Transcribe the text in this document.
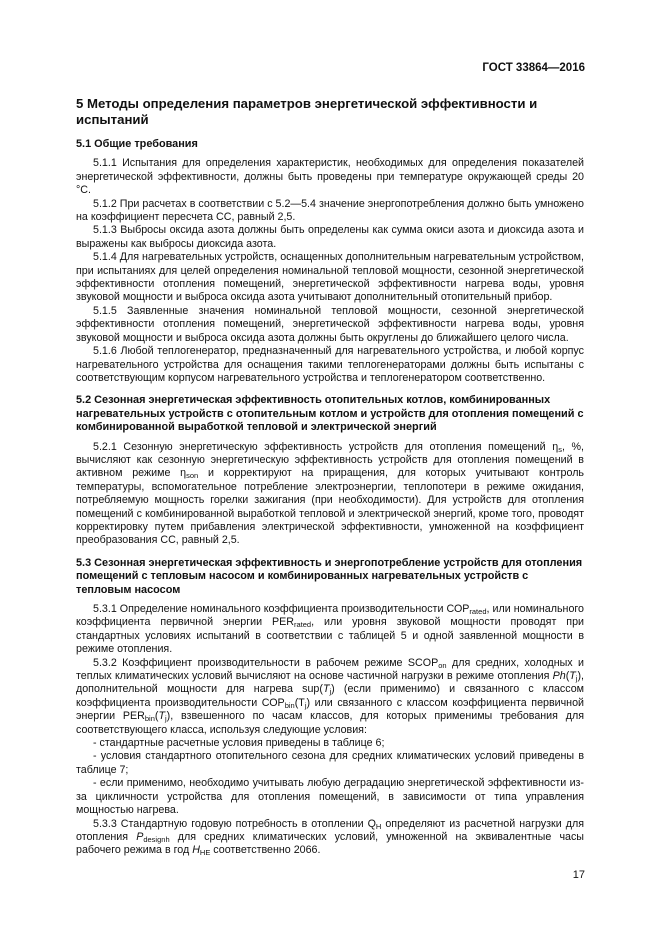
ГОСТ 33864—2016
5 Методы определения параметров энергетической эффективности и испытаний
5.1 Общие требования

5.1.1 Испытания для определения характеристик, необходимых для определения показателей энергетической эффективности, должны быть проведены при температуре окружающей среды 20 °С.

5.1.2 При расчетах в соответствии с 5.2—5.4 значение энергопотребления должно быть умножено на коэффициент пересчета СС, равный 2,5.

5.1.3 Выбросы оксида азота должны быть определены как сумма окиси азота и диоксида азота и выражены как выбросы диоксида азота.

5.1.4 Для нагревательных устройств, оснащенных дополнительным нагревательным устройством, при испытаниях для целей определения номинальной тепловой мощности, сезонной энергетической эффективности отопления помещений, энергетической эффективности нагрева воды, уровня звуковой мощности и выброса оксида азота учитывают дополнительный отопительный прибор.

5.1.5 Заявленные значения номинальной тепловой мощности, сезонной энергетической эффективности отопления помещений, энергетической эффективности нагрева воды, уровня звуковой мощности и выброса оксида азота должны быть округлены до ближайшего целого числа.

5.1.6 Любой теплогенератор, предназначенный для нагревательного устройства, и любой корпус нагревательного устройства для оснащения такими теплогенераторами должны быть испытаны с соответствующим корпусом нагревательного устройства и теплогенератором соответственно.

5.2 Сезонная энергетическая эффективность отопительных котлов, комбинированных нагревательных устройств с отопительным котлом и устройств для отопления помещений с комбинированной выработкой тепловой и электрической энергий

5.2.1 Сезонную энергетическую эффективность устройств для отопления помещений $\eta_s$, %, вычисляют как сезонную энергетическую эффективность устройств для отопления помещений в активном режиме $\eta_{son}$ и корректируют на приращения, для которых учитывают контроль температуры, вспомогательное потребление электроэнергии, теплопотери в режиме ожидания, потребляемую мощность горелки зажигания (при необходимости). Для устройств для отопления помещений с комбинированной выработкой тепловой и электрической энергий, кроме того, проводят корректировку путем прибавления электрической эффективности, умноженной на коэффициент преобразования СС, равный 2,5.

5.3 Сезонная энергетическая эффективность и энергопотребление устройств для отопления помещений с тепловым насосом и комбинированных нагревательных устройств с тепловым насосом

5.3.1 Определение номинального коэффициента производительности $СОР_{rated}$, или номинального коэффициента первичной энергии $PER_{rated}$, или уровня звуковой мощности проводят при стандартных условиях испытаний в соответствии с таблицей 5 и одной заявленной мощности в режиме отопления.

5.3.2 Коэффициент производительности в рабочем режиме $SCOP_{on}$ для средних, холодных и теплых климатических условий вычисляют на основе частичной нагрузки в режиме отопления $Ph(T_j)$, дополнительной мощности для нагрева $sup(T_j)$ (если применимо) и связанного с классом коэффициента производительности $СОР_{bin}(T_j)$ или связанного с классом коэффициента первичной энергии $PER_{bin}(T_j)$, взвешенного по часам классов, для которых применимы требования для соответствующего класса, используя следующие условия:

- стандартные расчетные условия приведены в таблице 6;
- условия стандартного отопительного сезона для средних климатических условий приведены в таблице 7;
- если применимо, необходимо учитывать любую деградацию энергетической эффективности из-за цикличности устройства для отопления помещений, в зависимости от типа управления мощностью нагрева.

5.3.3 Стандартную годовую потребность в отоплении $Q_H$ определяют из расчетной нагрузки для отопления $P_{designh}$ для средних климатических условий, умноженной на эквивалентные часы рабочего режима в год $H_{HE}$ соответственно 2066.

17
